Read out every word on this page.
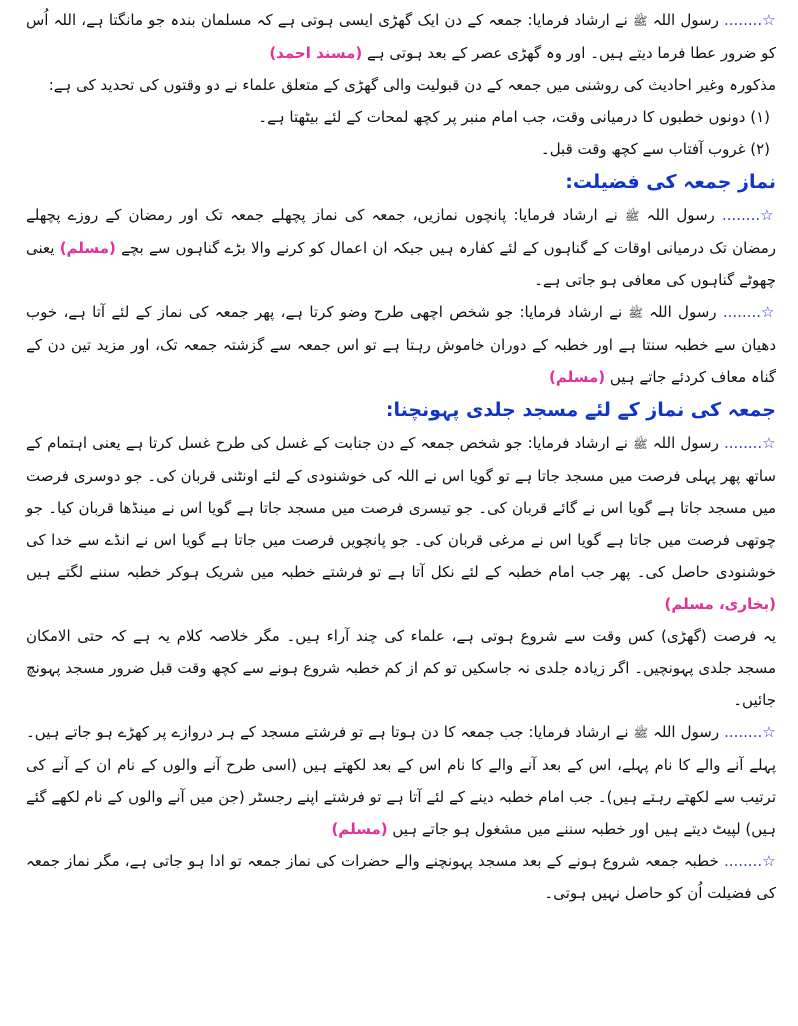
☆........ رسول اللہ ﷺ نے ارشاد فرمایا: جمعہ کے دن ایک گھڑی ایسی ہوتی ہے کہ مسلمان بندہ جو مانگتا ہے، اللہ اُس کو ضرور عطا فرما دیتے ہیں۔ اور وہ گھڑی عصر کے بعد ہوتی ہے (مسند احمد)

مذکورہ وغیر احادیث کی روشنی میں جمعہ کے دن قبولیت والی گھڑی کے متعلق علماء نے دو وقتوں کی تحدید کی ہے:

(۱) دونوں خطبوں کا درمیانی وقت، جب امام منبر پر کچھ لمحات کے لئے بیٹھتا ہے۔

(۲) غروب آفتاب سے کچھ وقت قبل۔

نماز جمعہ کی فضیلت:

☆........ رسول اللہ ﷺ نے ارشاد فرمایا: پانچوں نمازیں، جمعہ کی نماز پچھلے جمعہ تک اور رمضان کے روزے پچھلے رمضان تک درمیانی اوقات کے گناہوں کے لئے کفارہ ہیں جبکہ ان اعمال کو کرنے والا بڑے گناہوں سے بچے (مسلم) یعنی چھوٹے گناہوں کی معافی ہو جاتی ہے۔

☆........ رسول اللہ ﷺ نے ارشاد فرمایا: جو شخص اچھی طرح وضو کرتا ہے، پھر جمعہ کی نماز کے لئے آتا ہے، خوب دھیان سے خطبہ سنتا ہے اور خطبہ کے دوران خاموش رہتا ہے تو اس جمعہ سے گزشتہ جمعہ تک، اور مزید تین دن کے گناہ معاف کردئے جاتے ہیں (مسلم)

جمعہ کی نماز کے لئے مسجد جلدی پہونچنا:

☆........ رسول اللہ ﷺ نے ارشاد فرمایا: جو شخص جمعہ کے دن جنابت کے غسل کی طرح غسل کرتا ہے یعنی اہتمام کے ساتھ پھر پہلی فرصت میں مسجد جاتا ہے تو گویا اس نے اللہ کی خوشنودی کے لئے اونٹنی قربان کی۔ جو دوسری فرصت میں مسجد جاتا ہے گویا اس نے گائے قربان کی۔ جو تیسری فرصت میں مسجد جاتا ہے گویا اس نے مینڈھا قربان کیا۔ جو چوتھی فرصت میں جاتا ہے گویا اس نے مرغی قربان کی۔ جو پانچویں فرصت میں جاتا ہے گویا اس نے انڈے سے خدا کی خوشنودی حاصل کی۔ پھر جب امام خطبہ کے لئے نکل آتا ہے تو فرشتے خطبہ میں شریک ہوکر خطبہ سننے لگتے ہیں (بخاری، مسلم)

یہ فرصت (گھڑی) کس وقت سے شروع ہوتی ہے، علماء کی چند آراء ہیں۔ مگر خلاصہ کلام یہ ہے کہ حتی الامکان مسجد جلدی پہونچیں۔ اگر زیادہ جلدی نہ جاسکیں تو کم از کم خطبہ شروع ہونے سے کچھ وقت قبل ضرور مسجد پہونچ جائیں۔

☆........ رسول اللہ ﷺ نے ارشاد فرمایا: جب جمعہ کا دن ہوتا ہے تو فرشتے مسجد کے ہر دروازے پر کھڑے ہو جاتے ہیں۔ پہلے آنے والے کا نام پہلے، اس کے بعد آنے والے کا نام اس کے بعد لکھتے ہیں (اسی طرح آنے والوں کے نام ان کے آنے کی ترتیب سے لکھتے رہتے ہیں)۔ جب امام خطبہ دینے کے لئے آتا ہے تو فرشتے اپنے رجسٹر (جن میں آنے والوں کے نام لکھے گئے ہیں) لپیٹ دیتے ہیں اور خطبہ سننے میں مشغول ہو جاتے ہیں (مسلم)

☆........ خطبہ جمعہ شروع ہونے کے بعد مسجد پہونچنے والے حضرات کی نماز جمعہ تو ادا ہو جاتی ہے، مگر نماز جمعہ کی فضیلت اُن کو حاصل نہیں ہوتی۔
